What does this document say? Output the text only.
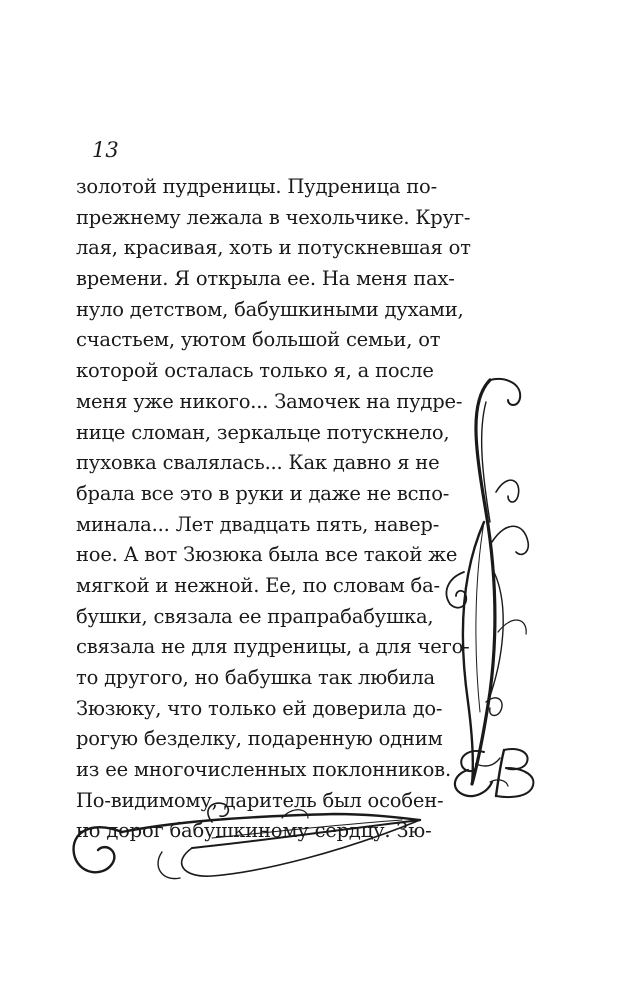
13
золотой пудреницы. Пудреница по-
прежнему лежала в чехольчике. Круг-
лая, красивая, хоть и потускневшая от
времени. Я открыла ее. На меня пах-
нуло детством, бабушкиными духами,
счастьем, уютом большой семьи, от
которой осталась только я, а после
меня уже никого... Замочек на пудре-
нице сломан, зеркальце потускнело,
пуховка свалялась... Как давно я не
брала все это в руки и даже не вспо-
минала... Лет двадцать пять, навер-
ное. А вот Зюзюка была все такой же
мягкой и нежной. Ее, по словам ба-
бушки, связала ее прапрабабушка,
связала не для пудреницы, а для чего-
то другого, но бабушка так любила
Зюзюку, что только ей доверила до-
рогую безделку, подаренную одним
из ее многочисленных поклонников.
По-видимому, даритель был особен-
но дорог бабушкиному сердцу. Зю-
